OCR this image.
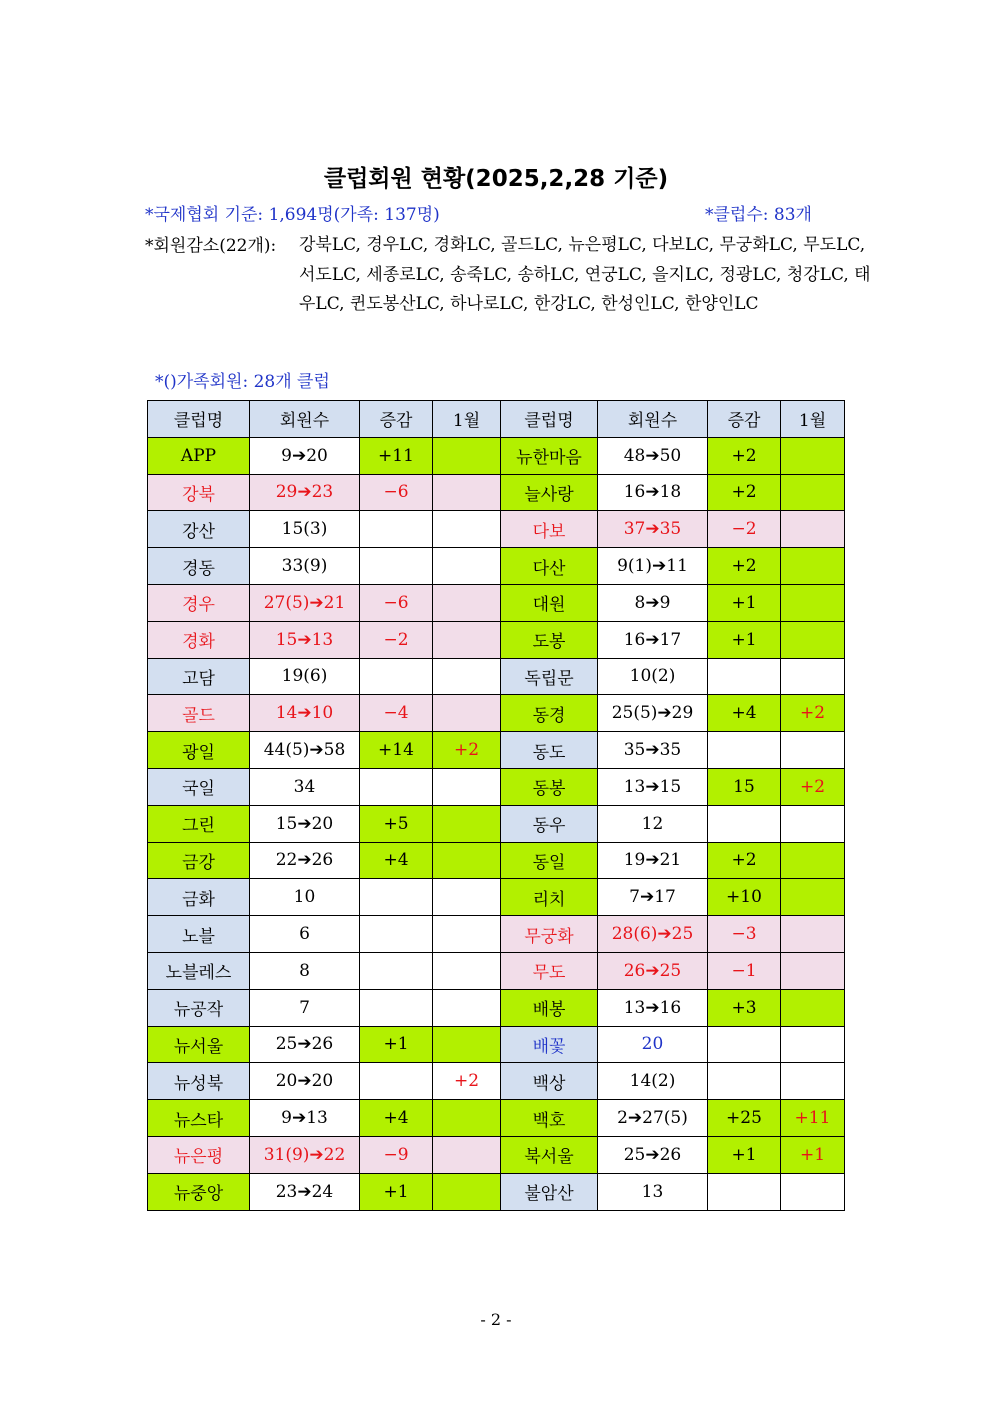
클럽회원 현황(2025,2,28 기준)
*국제협회 기준: 1,694명(가족: 137명)	*클럽수: 83개
*회원감소(22개): 강북LC, 경우LC, 경화LC, 골드LC, 뉴은평LC, 다보LC, 무궁화LC, 무도LC, 서도LC, 세종로LC, 송죽LC, 송하LC, 연궁LC, 을지LC, 정광LC, 청강LC, 태우LC, 퀸도봉산LC, 하나로LC, 한강LC, 한성인LC, 한양인LC
*()가족회원: 28개 클럽
클럽명	회원수	증감	1월	클럽명	회원수	증감	1월
APP	9➔20	+11		뉴한마음	48➔50	+2	
강북	29➔23	−6		늘사랑	16➔18	+2	
강산	15(3)			다보	37➔35	−2	
경동	33(9)			다산	9(1)➔11	+2	
경우	27(5)➔21	−6		대원	8➔9	+1	
경화	15➔13	−2		도봉	16➔17	+1	
고담	19(6)			독립문	10(2)		
골드	14➔10	−4		동경	25(5)➔29	+4	+2
광일	44(5)➔58	+14	+2	동도	35➔35		
국일	34			동봉	13➔15	15	+2
그린	15➔20	+5		동우	12		
금강	22➔26	+4		동일	19➔21	+2	
금화	10			리치	7➔17	+10	
노블	6			무궁화	28(6)➔25	−3	
노블레스	8			무도	26➔25	−1	
뉴공작	7			배봉	13➔16	+3	
뉴서울	25➔26	+1		배꽃	20		
뉴성북	20➔20		+2	백상	14(2)		
뉴스타	9➔13	+4		백호	2➔27(5)	+25	+11
뉴은평	31(9)➔22	−9		북서울	25➔26	+1	+1
뉴중앙	23➔24	+1		불암산	13		
- 2 -
